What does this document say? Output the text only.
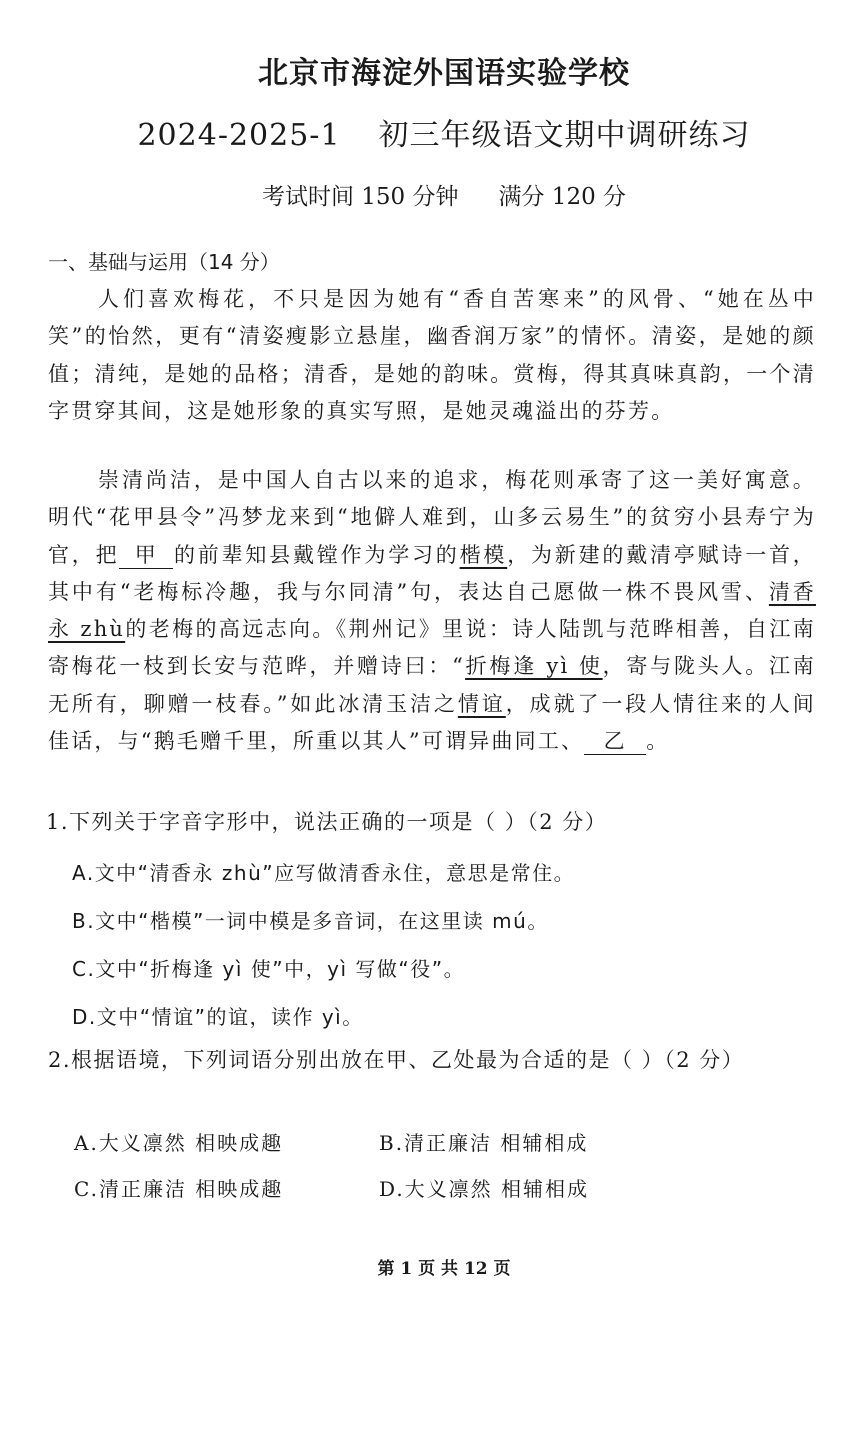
北京市海淀外国语实验学校
2024-2025-1 初三年级语文期中调研练习
考试时间 150 分钟 满分 120 分
一、基础与运用（14 分）

人们喜欢梅花，不只是因为她有“香自苦寒来”的风骨、“她在丛中笑”的怡然，更有“清姿瘦影立悬崖，幽香润万家”的情怀。清姿，是她的颜值；清纯，是她的品格；清香，是她的韵味。赏梅，得其真味真韵，一个清字贯穿其间，这是她形象的真实写照，是她灵魂溢出的芬芳。

崇清尚洁，是中国人自古以来的追求，梅花则承寄了这一美好寓意。明代“花甲县令”冯梦龙来到“地僻人难到，山多云易生”的贫穷小县寿宁为官，把 甲 的前辈知县戴镗作为学习的楷模，为新建的戴清亭赋诗一首，其中有“老梅标冷趣，我与尔同清”句，表达自己愿做一株不畏风雪、清香永 zhù的老梅的高远志向。《荆州记》里说：诗人陆凯与范晔相善，自江南寄梅花一枝到长安与范晔，并赠诗曰：“折梅逢 yì 使，寄与陇头人。江南无所有，聊赠一枝春。”如此冰清玉洁之情谊，成就了一段人情往来的人间佳话，与“鹅毛赠千里，所重以其人”可谓异曲同工、 乙 。

1.下列关于字音字形中，说法正确的一项是（ ）（2 分）
A.文中“清香永 zhù”应写做清香永住，意思是常住。
B.文中“楷模”一词中模是多音词，在这里读 mú。
C.文中“折梅逢 yì 使”中，yì 写做“役”。
D.文中“情谊”的谊，读作 yì。
2.根据语境，下列词语分别出放在甲、乙处最为合适的是（ ）（2 分）
A.大义凛然 相映成趣	B.清正廉洁 相辅相成
C.清正廉洁 相映成趣	D.大义凛然 相辅相成
第 1 页 共 12 页
